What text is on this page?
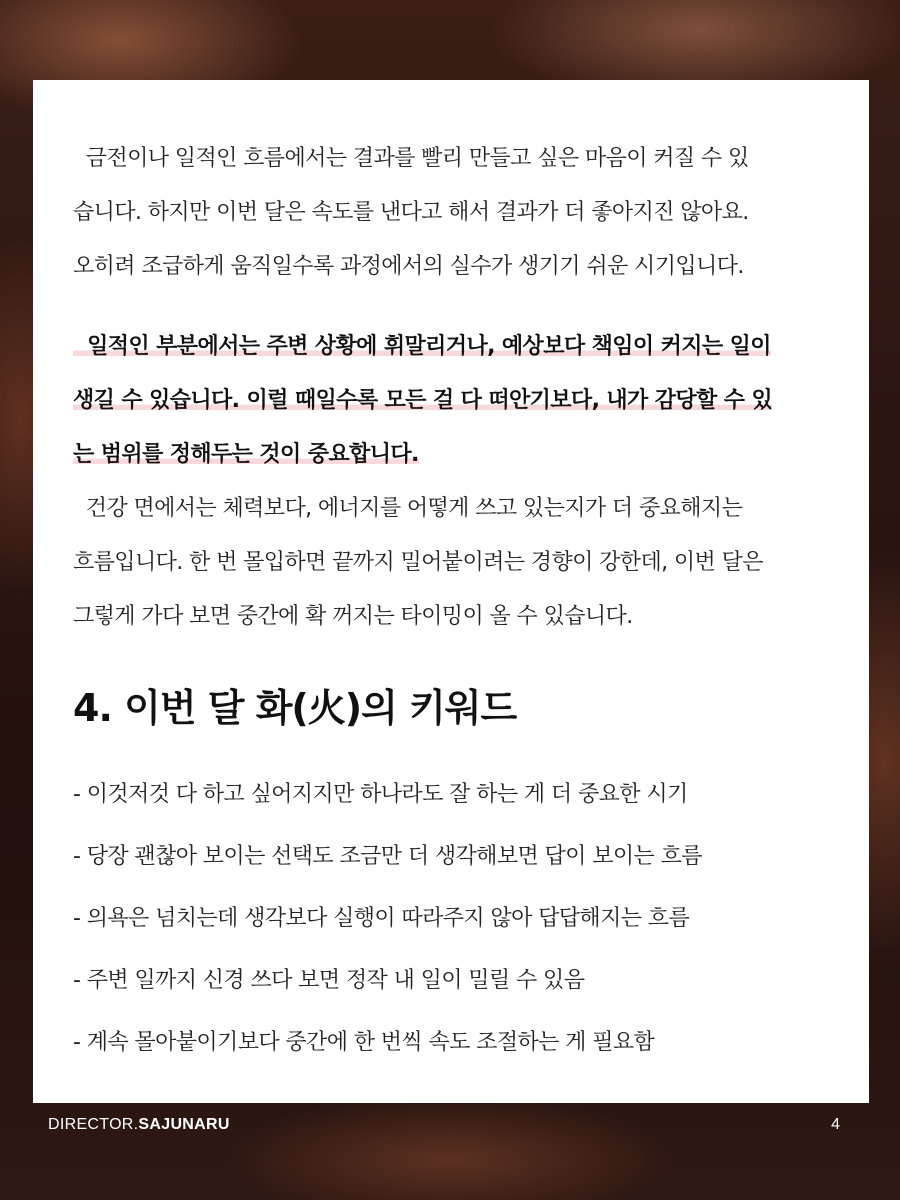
금전이나 일적인 흐름에서는 결과를 빨리 만들고 싶은 마음이 커질 수 있
습니다. 하지만 이번 달은 속도를 낸다고 해서 결과가 더 좋아지진 않아요.
오히려 조급하게 움직일수록 과정에서의 실수가 생기기 쉬운 시기입니다.

일적인 부분에서는 주변 상황에 휘말리거나, 예상보다 책임이 커지는 일이
생길 수 있습니다. 이럴 때일수록 모든 걸 다 떠안기보다, 내가 감당할 수 있
는 범위를 정해두는 것이 중요합니다.

건강 면에서는 체력보다, 에너지를 어떻게 쓰고 있는지가 더 중요해지는
흐름입니다. 한 번 몰입하면 끝까지 밀어붙이려는 경향이 강한데, 이번 달은
그렇게 가다 보면 중간에 확 꺼지는 타이밍이 올 수 있습니다.

4. 이번 달 화(火)의 키워드
- 이것저것 다 하고 싶어지지만 하나라도 잘 하는 게 더 중요한 시기
- 당장 괜찮아 보이는 선택도 조금만 더 생각해보면 답이 보이는 흐름
- 의욕은 넘치는데 생각보다 실행이 따라주지 않아 답답해지는 흐름
- 주변 일까지 신경 쓰다 보면 정작 내 일이 밀릴 수 있음
- 계속 몰아붙이기보다 중간에 한 번씩 속도 조절하는 게 필요함
DIRECTOR.SAJUNARU	4
